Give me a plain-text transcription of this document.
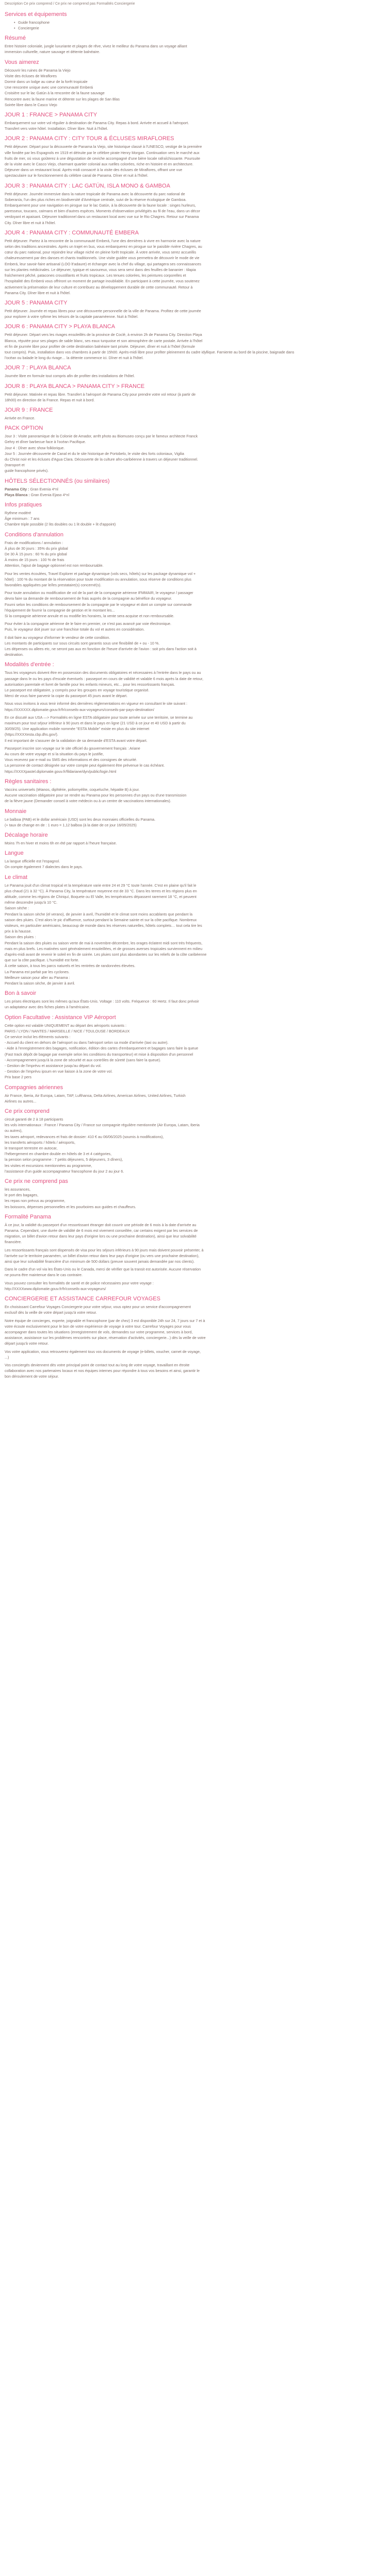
Description Ce prix comprend / Ce prix ne comprend pas Formalités Conciergerie

Services et équipements
• Guide francophone
• Conciergerie
Résumé

Entre histoire coloniale, jungle luxuriante et plages de rêve, vivez le meilleur du Panama dans un voyage alliant

immersion culturelle, nature sauvage et détente balnéaire.

Vous aimerez

Découvrir les ruines de Panama la Viejo

Visite des écluses de Miraflores

Dormir dans un lodge au cœur de la forêt tropicale

Une rencontre unique avec une communauté Emberá

Croisière sur le lac Gatún à la rencontre de la faune sauvage

Rencontre avec la faune marine et détente sur les plages de San Blas

Soirée libre dans le Casco Viejo

JOUR 1 : FRANCE > PANAMA CITY

Embarquement sur votre vol régulier à destination de Panama City. Repas à bord. Arrivée et accueil à l'aéroport.

Transfert vers votre hôtel. Installation. Dîner libre. Nuit à l'hôtel.

JOUR 2 : PANAMA CITY : CITY TOUR & ÉCLUSES MIRAFLORES

Petit déjeuner. Départ pour la découverte de Panama la Viejo, site historique classé à l'UNESCO, vestige de la première

ville fondée par les Espagnols en 1519 et détruite par le célèbre pirate Henry Morgan. Continuation vers le marché aux

fruits de mer, où vous goûterez à une dégustation de ceviche accompagné d'une bière locale rafraîchissante. Poursuite

de la visite avec le Casco Viejo, charmant quartier colonial aux ruelles colorées, riche en histoire et en architecture.

Déjeuner dans un restaurant local. Après-midi consacré à la visite des écluses de Miraflores, offrant une vue

spectaculaire sur le fonctionnement du célèbre canal de Panama. Dîner et nuit à l'hôtel.

JOUR 3 : PANAMA CITY : LAC GATÚN, ISLA MONO & GAMBOA

Petit déjeuner. Journée immersive dans la nature tropicale de Panama avec la découverte du parc national de

Soberanía, l'un des plus riches en biodiversité d'Amérique centrale, suivi de la réserve écologique de Gamboa.

Embarquement pour une navigation en pirogue sur le lac Gatún, à la découverte de la faune locale : singes hurleurs,

paresseux, toucans, caïmans et bien d'autres espèces. Moments d'observation privilégiés au fil de l'eau, dans un décor

verdoyant et apaisant. Déjeuner traditionnel dans un restaurant local avec vue sur le Rio Chagres. Retour sur Panama

City. Dîner libre et nuit à l'hôtel.

JOUR 4 : PANAMA CITY : COMMUNAUTÉ EMBERA

Petit déjeuner. Partez à la rencontre de la communauté Emberá, l'une des dernières à vivre en harmonie avec la nature

selon des traditions ancestrales. Après un trajet en bus, vous embarquerez en pirogue sur le paisible rivière Chagres, au

cœur du parc national, pour rejoindre leur village niché en pleine forêt tropicale. À votre arrivée, vous serez accueillis

chaleureusement par des danses et chants traditionnels. Une visite guidée vous permettra de découvrir le mode de vie

Emberá, leur savoir-faire artisanal (LOO lt'adaure) et échanger avec la chef du village, qui partagera ses connaissances

sur les plantes médicinales. Le déjeuner, typique et savoureux, vous sera servi dans des feuilles de bananier : tilapia

fraîchement pêché, patacones croustillants et fruits tropicaux. Les tenues colorées, les peintures corporelles et

l'hospitalité des Emberá vous offriront un moment de partage inoubliable. En participant à cette journée, vous soutenez

activement la préservation de leur culture et contribuez au développement durable de cette communauté. Retour à

Panama City. Dîner libre et nuit à l'hôtel.

JOUR 5 : PANAMA CITY

Petit déjeuner. Journée et repas libres pour une découverte personnelle de la ville de Panama. Profitez de cette journée

pour explorer à votre rythme les trésors de la capitale panaméenne. Nuit à l'hôtel.

JOUR 6 : PANAMA CITY > PLAYA BLANCA

Petit déjeuner. Départ vers les rivages ensoleillés de la province de Coclé, à environ 2h de Panama City. Direction Playa

Blanca, réputée pour ses plages de sable blanc, ses eaux turquoise et son atmosphère de carte postale. Arrivée à l'hôtel

et fin de journée libre pour profiter de cette destination balnéaire tant prisée. Déjeuner, dîner et nuit à l'hôtel (formule

tout compris). Puis, installation dans vos chambres à partir de 15h00. Après-midi libre pour profiter pleinement du cadre idyllique. Farniente au bord de la piscine, baignade dans

l'océan ou balade le long du rivage… la détente commence ici. Dîner et nuit à l'hôtel.

JOUR 7 : PLAYA BLANCA

Journée libre en formule tout compris afin de profiter des installations de l'hôtel.

JOUR 8 : PLAYA BLANCA > PANAMA CITY > FRANCE

Petit déjeuner. Matinée et repas libre. Transfert à l'aéroport de Panama City pour prendre votre vol retour (à partir de

18h00) en direction de la France. Repas et nuit à bord.

JOUR 9 : FRANCE

Arrivée en France.

PACK OPTION

Jour 3 : Visite panoramique de la Colonie de Amador, arrêt photo au Biomuseo conçu par le fameux architecte Franck

Gehry et dîner barbecue face à l'océan Pacifique.

Jour 4 : Dîner avec show folklorique.

Jour 5 : Journée découverte de Canal et du le site historique de Portobelo, le visite des forts coloniaux, Vigilia

du Christ noir et les écluses d'Agua Clara. Découverte de la culture afro-caribéenne à travers un déjeuner traditionnel.

(transport et

guide francophone privés).

HÔTELS SÉLECTIONNÉS (ou similaires)

Panama City : Gran Evenia 4*nl

Playa Blanca : Gran Evenia Ejaso 4*nl

Infos pratiques

Rythme modéré

Âge minimum : 7 ans

Chambre triple possible (2 lits doubles ou 1 lit double + lit d'appoint)

Conditions d'annulation

Frais de modifications / annulation :

À plus de 30 jours : 35% du prix global

De 30 À 15 jours : 60 % du prix global

À moins de 15 jours : 100 % de frais

Attention, l'ajout de bagage optionnel est non remboursable.

Pour les ventes écoulées, Travel Explorer et parlage dynamique (vols secs, hôtels) sur les package dynamique vol +

hôtel) : 100 % du montant de la réservation pour toute modification ou annulation, sous réserve de conditions plus

favorables appliquées par le/les prestataire(s) concerné(s).

Pour toute annulation ou modification de vol de la part de la compagnie aérienne IFMMAIR, le voyageur / passager

devra faire sa demande de remboursement de frais auprès de la compagnie au bénéfice du voyageur.

Fourni selon les conditions de remboursement de la compagnie par le voyageur et dont un compte sur commande

l'équipement de fournir la compagnie de gestion et le montant les...

Si la compagnie aérienne annule et ou modifie les horaires, la vente sera acquise et non remboursable.

Pour éviter à la compagnie aérienne de le faire en premier, ce n'est pas avancé par voie électronique.

Puis, le voyageur doit jouer sur une franchise totale du vol et autres en considération.

Il doit faire au voyageur d'informer le vendeur de cette condition.

Les montants de participants sur sous circuits sont garantis sous une flexibilité de + ou - 10 %.

Les dépenses ou allees etc, ne seront pas aux en fonction de l'heure d'arrivée de l'avion : soit pris dans l'action soit à

destination.

Modalités d'entrée :

Tous les voyageurs doivent être en possession des documents obligatoires et nécessaires à l'entrée dans le pays ou au

passage dans le ou les pays d'escale éventuels : passeport en cours de validité et valable 6 mois après la date de retour,

autorisation parentale et livret de famille pour les enfants mineurs, etc... pour les ressortissants français.

Le passeport est obligatoire, y compris pour les groupes en voyage touristique organisé.

Merci de vous faire parvenir la copie du passeport 45 jours avant le départ.

Nous vous invitons à vous tenir informé des dernières réglementations en vigueur en consultant le site suivant :

https://XXXXXX.diplomatie.gouv.fr/fr/conseils-aux-voyageurs/conseils-par-pays-destination/

En ce discuté aux USA —> Formalités en ligne ESTA obligatoire pour toute arrivée sur une territoire, se termine au

maximum pour tout séjour inférieur à 90 jours et dans le pays en ligne (21 USD à ce jour et 40 USD à partir du

30/09/25). Une application mobile nommée "ESTA Mobile" existe en plus du site internet

(https://XXXXesta.cbp.dhs.gov/).

Il est important de s'assurer de la validation de sa demande d'ESTA avant votre départ.

Passeport inscrire son voyage sur le site officiel du gouvernement français : Ariane

Au cours de votre voyage et si la situation du pays le justifie,

Vous recevrez par e-mail ou SMS des informations et des consignes de sécurité.

La personne de contact désignée sur votre compte peut également être prévenue le cas échéant.

https://XXXXpastel.diplomatie.gouv.fr/fildariane/dyn/public/login.html

Règles sanitaires :

Vaccins universels (tétanos, diphtérie, poliomyélite, coqueluche, hépatite B) à jour.

Aucune vaccination obligatoire pour se rendre au Panama pour les personnes d'un pays ou d'une transmission

de la fièvre jaune (Demander conseil à votre médecin ou à un centre de vaccinations internationales).

Monnaie

Le balboa (PAB) et le dollar américain (USD) sont les deux monnaies officielles du Panama.

(+ taux de change en de : 1 euro = 1,12 balboa (à la date de ce jour 16/05/2025)

Décalage horaire

Moins 7h en hiver et moins 6h en été par rapport à l'heure française.

Langue

La langue officielle est l'espagnol.

On compte également 7 dialectes dans le pays.

Le climat

Le Panama jouit d'un climat tropical et la température varie entre 24 et 29 °C toute l'année. C'est en plaine qu'il fait le

plus chaud (21 à 32 °C). À Panama City, la température moyenne est de 33 °C. Dans les terres et les régions plus en

altitude, comme les régions de Chiriquí, Boquete ou El Valle, les températures dépassent rarement 18 °C, et peuvent

même descendre jusqu'à 10 °C.

Saison sèche :

Pendant la saison sèche (el verano), de janvier à avril, l'humidité et le climat sont moins accablants que pendant la

saison des pluies. C'est alors le pic d'affluence, surtout pendant la Semaine sainte et sur la côte pacifique. Nombreux

visiteurs, en particulier américains, beaucoup de monde dans les réserves naturelles, hôtels complets… tout cela tire les

prix à la hausse.

Saison des pluies :

Pendant la saison des pluies ou saison verte de mai à novembre-décembre, les orages éclatent midi sont très fréquents,

mais en plus brefs. Les matinées sont généralement ensoleillées, et de grosses averses tropicales surviennent en milieu

d'après-midi avant de revenir le soleil en fin de soirée. Les pluies sont plus abondantes sur les reliefs de la côte caribéenne

que sur la côte pacifique. L'humidité est forte.

À cette saison, à tous les parcs naturels et les rentrées de randonnées élevées.

La Panama est parfait par les cyclones.

Meilleure saison pour aller au Panama :

Pendant la saison sèche, de janvier à avril.

Bon à savoir

Les prises électriques sont les mêmes qu'aux États-Unis. Voltage : 110 volts. Fréquence : 60 Hertz. Il faut donc prévoir

un adaptateur avec des fiches plates à l'américaine.

Option Facultative : Assistance VIP Aéroport

Cette option est valable UNIQUEMENT au départ des aéroports suivants :

PARIS / LYON / NANTES / MARSEILLE / NICE / TOULOUSE / BORDEAUX

Ce service inclut les éléments suivants :

- Accueil du client en dehors de l'aéroport ou dans l'aéroport selon sa mode d'arrivée (taxi ou autre).

- Aide à l'enregistrement des bagages, notification, édition des cartes d'embarquement et bagages sans faire la queue

(Fast track dépôt de bagage par exemple selon les conditions du transporteur) et mise à disposition d'un personnel

- Accompagnement jusqu'à la zone de sécurité et aux contrôles de sûreté (sans faire la queue).

- Gestion de l'imprévu et assistance jusqu'au départ du vol.

- Gestion de l'imprévu ipsum en vue liaison à la zone de votre vol.

Prix base 2 pers

Compagnies aériennes

Air France, Iberia, Air Europa, Latam, TAP, Lufthansa, Delta Airlines, American Airlines, United Airlines, Turkish

Airlines ou autres...

Ce prix comprend

circuit garanti de 2 à 18 participants

les vols internationaux : France / Panama City / France sur compagnie régulière mentionnée (Air Europa, Latam, Iberia

ou autres),

les taxes aéroport, redevances et frais de dossier: 410 € au 06/06/2025 (soumis à modifications),

les transferts aéroports / hôtels / aéroports,

le transport terrestre en autocar,

l'hébergement en chambre double en hôtels de 3 et 4 catégories,

la pension selon programme : 7 petits déjeuners, 5 déjeuners, 3 dîners),

les visites et excursions mentionnées au programme,

l'assistance d'un guide accompagnateur francophone du jour 2 au jour 6.

Ce prix ne comprend pas

les assurances,

le port des bagages,

les repas non prévus au programme,

les boissons, dépenses personnelles et les pourboires aux guides et chauffeurs.

Formalité Panama

À ce jour, la validité du passeport d'un ressortissant étranger doit couvrir une période de 6 mois à la date d'arrivée au

Panama. Cependant, une durée de validité de 6 mois est vivement conseillée, car certains exigent par les services de

migration, un billet d'avion retour dans leur pays d'origine lors ou une prochaine destination), ainsi que leur solvabilité

financière.

Les ressortissants français sont dispensés de visa pour les séjours inférieurs à 90 jours mais doivent pouvoir présenter, à

l'arrivée sur le territoire panaméen, un billet d'avion retour dans leur pays d'origine (ou vers une prochaine destination),

ainsi que leur solvabilité financière d'un minimum de 500 dollars (preuve souvent jamais demandée par nos clients).

Dans le cadre d'un vol via les États-Unis ou le Canada, merci de vérifier que la transit est autorisée. Aucune réservation

ne pourra être maintenue dans le cas contraire.

Vous pouvez consulter les formalités de santé et de police nécessaires pour votre voyage :

http://XXXXwww.diplomatie.gouv.fr/fr/conseils-aux-voyageurs/

CONCIERGERIE ET ASSISTANCE CARREFOUR VOYAGES

En choisissant Carrefour Voyages Conciergerie pour votre séjour, vous optez pour un service d'accompagnement

exclusif dès la veille de votre départ jusqu'à votre retour.

Notre équipe de concierges, experte, joignable et francophone (par de chez) 3 est disponible 24h sur 24, 7 jours sur 7 et à

votre écoute exclusivement pour le bon de votre expérience de voyage à votre tour. Carrefour Voyages pour vous

accompagner dans toutes les situations (enregistrement de vols, demandes sur votre programme, services à bord,

assistance, assistance sur les problèmes rencontrés sur place, réservation d'activités, conciergerie...) dès la veille de votre

départ jusqu'à votre retour.

Vos votre application, vous retrouverez également tous vos documents de voyage (e-billets, voucher, carnet de voyage,

...)

Vos conciergés deviennent dès votre principal point de contact tout au long de votre voyage, travaillant en étroite

collaboration avec nos partenaires locaux et nos équipes internes pour répondre à tous vos besoins et ainsi, garantir le

bon déroulement de votre séjour.
